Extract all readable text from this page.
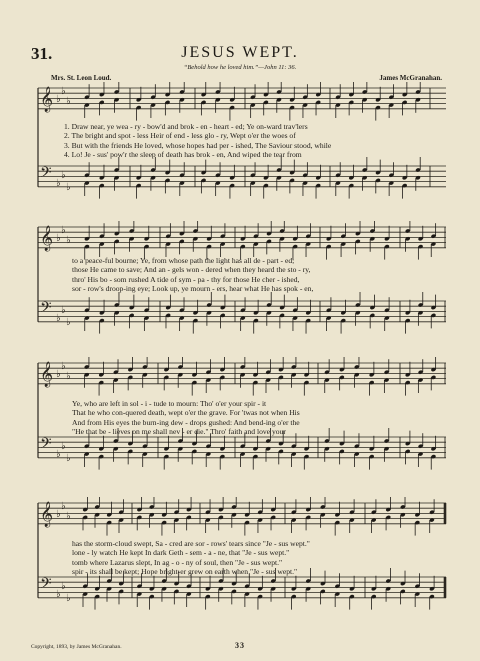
31.	JESUS WEPT.
“Behold how he loved him.”—John 11: 36.
Mrs. St. Leon Loud.	James McGranahan.
𝄞
𝄢
♭
♭
♭
♭
♭
♭
1. Draw near, ye wea - ry - bow'd and brok - en - heart - ed; Ye on-ward trav'lers
2. The bright and spot - less Heir of end - less glo - ry, Wept o'er the woes of
3. But with the friends He loved, whose hopes had per - ished, The Saviour stood, while
4. Lo! Je - sus' pow'r the sleep of death has brok - en, And wiped the tear from
𝄞
𝄢
♭
♭
♭
♭
♭
♭
to a peace-ful bourne; Ye, from whose path the light has all de - part - ed;
those He came to save; And an - gels won - dered when they heard the sto - ry,
thro' His bo - som rushed A tide of sym - pa - thy for those He cher - ished,
sor - row's droop-ing eye; Look up, ye mourn - ers, hear what He has spok - en,
𝄞
𝄢
♭
♭
♭
♭
♭
♭
Ye, who are left in sol - i - tude to mourn: Tho' o'er your spir - it
That he who con-quered death, wept o'er the grave. For 'twas not when His
And from His eyes the burn-ing dew - drops gushed: And bend-ing o'er the
"He that be - lieves on me shall nev - er die." Thro' faith and love your
𝄞
𝄢
♭
♭
♭
♭
♭
♭
has the storm-cloud swept, Sa - cred are sor - rows' tears since "Je - sus wept."
lone - ly watch He kept In dark Geth - sem - a - ne, that "Je - sus wept."
tomb where Lazarus slept, In ag - o - ny of soul, then "Je - sus wept."
spir - its shall be kept; Hope bright-er grew on earth when "Je - sus wept."
Copyright, 1893, by James McGranahan.	33
